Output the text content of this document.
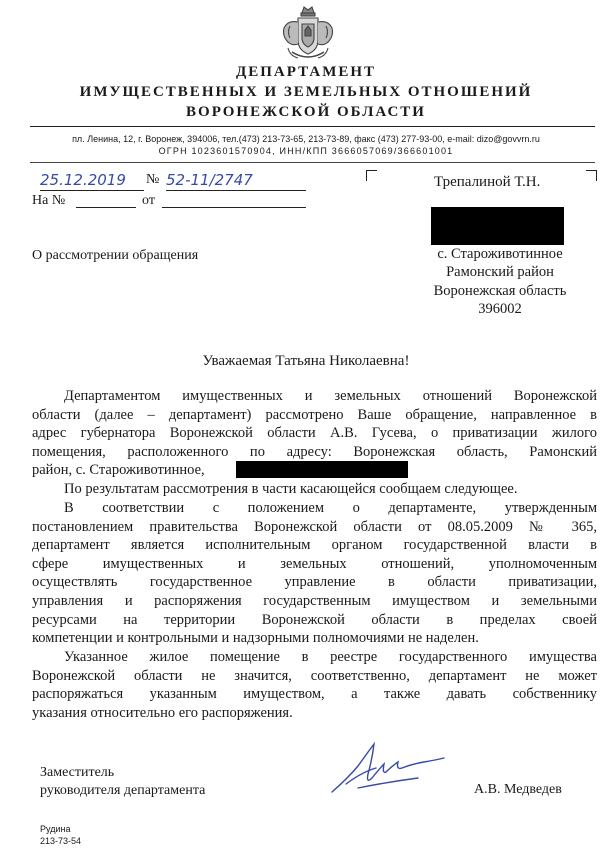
ДЕПАРТАМЕНТ
ИМУЩЕСТВЕННЫХ И ЗЕМЕЛЬНЫХ ОТНОШЕНИЙ
ВОРОНЕЖСКОЙ ОБЛАСТИ
пл. Ленина, 12, г. Воронеж, 394006, тел.(473) 213-73-65, 213-73-89, факс (473) 277-93-00, e-mail: dizo@govvrn.ru
ОГРН 1023601570904, ИНН/КПП 3666057069/366601001
25.12.2019	№ 52-11/2747
На №	от
Трепалиной Т.Н.
с. Староживотинное
Рамонский район
Воронежская область
396002
О рассмотрении обращения
Уважаемая Татьяна Николаевна!
Департаментом имущественных и земельных отношений Воронежской
области (далее – департамент) рассмотрено Ваше обращение, направленное в
адрес губернатора Воронежской области А.В. Гусева, о приватизации жилого
помещения, расположенного по адресу: Воронежская область, Рамонский
район, с. Староживотинное,
По результатам рассмотрения в части касающейся сообщаем следующее.
В соответствии с положением о департаменте, утвержденным
постановлением правительства Воронежской области от 08.05.2009 № 365,
департамент является исполнительным органом государственной власти в
сфере имущественных и земельных отношений, уполномоченным
осуществлять государственное управление в области приватизации,
управления и распоряжения государственным имуществом и земельными
ресурсами на территории Воронежской области в пределах своей
компетенции и контрольными и надзорными полномочиями не наделен.
Указанное жилое помещение в реестре государственного имущества
Воронежской области не значится, соответственно, департамент не может
распоряжаться указанным имуществом, а также давать собственнику
указания относительно его распоряжения.
Заместитель
руководителя департамента	А.В. Медведев
Рудина
213-73-54
